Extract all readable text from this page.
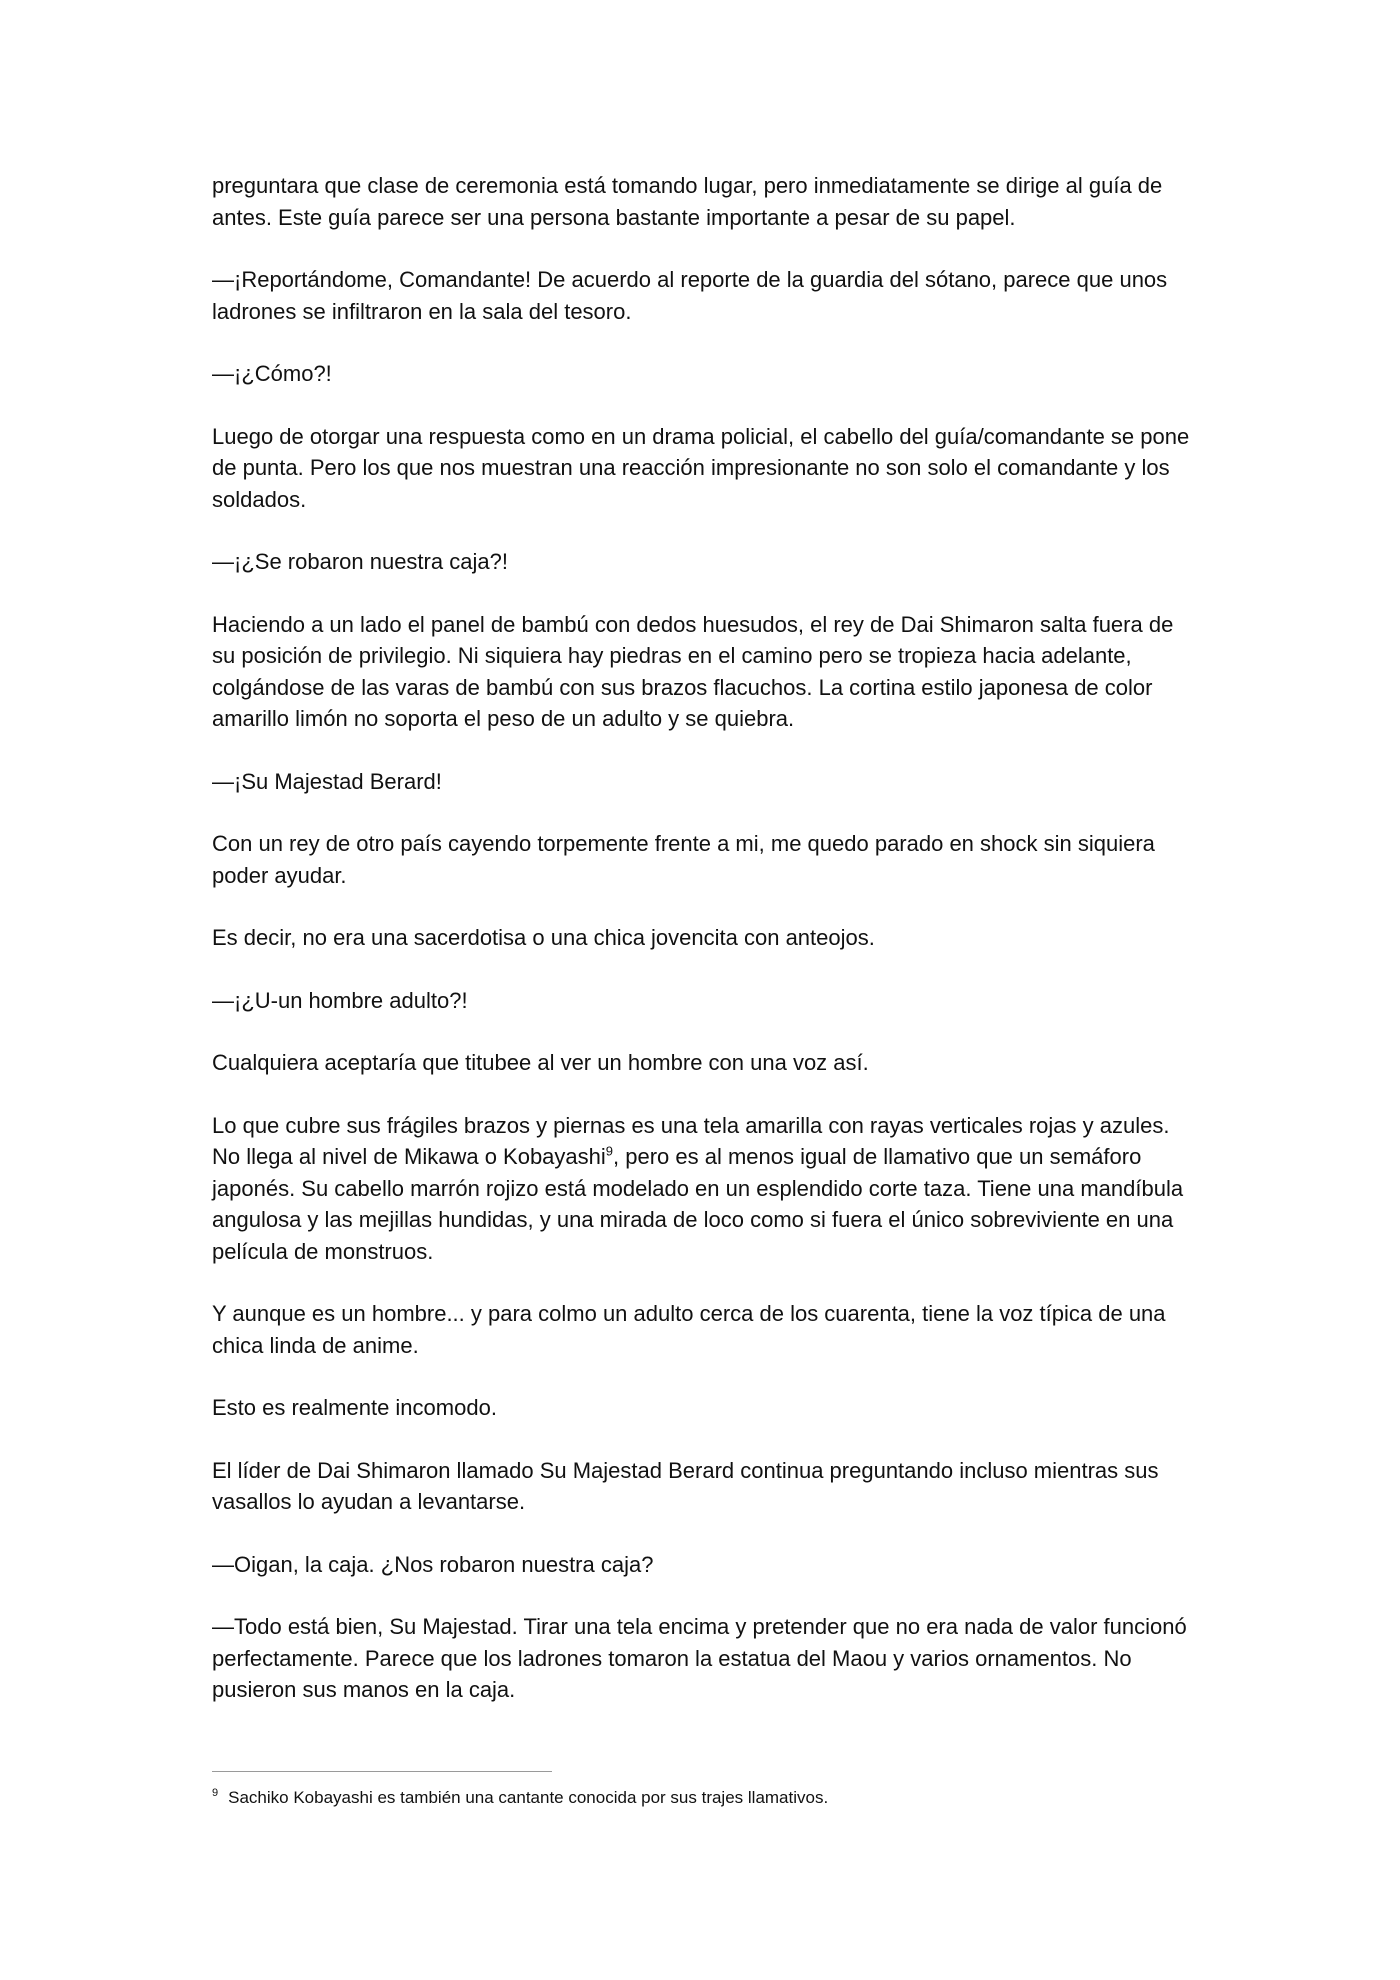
preguntara que clase de ceremonia está tomando lugar, pero inmediatamente se dirige al guía de antes. Este guía parece ser una persona bastante importante a pesar de su papel.

—¡Reportándome, Comandante! De acuerdo al reporte de la guardia del sótano, parece que unos ladrones se infiltraron en la sala del tesoro.

—¡¿Cómo?!

Luego de otorgar una respuesta como en un drama policial, el cabello del guía/comandante se pone de punta. Pero los que nos muestran una reacción impresionante no son solo el comandante y los soldados.

—¡¿Se robaron nuestra caja?!

Haciendo a un lado el panel de bambú con dedos huesudos, el rey de Dai Shimaron salta fuera de su posición de privilegio. Ni siquiera hay piedras en el camino pero se tropieza hacia adelante, colgándose de las varas de bambú con sus brazos flacuchos. La cortina estilo japonesa de color amarillo limón no soporta el peso de un adulto y se quiebra.

—¡Su Majestad Berard!

Con un rey de otro país cayendo torpemente frente a mi, me quedo parado en shock sin siquiera poder ayudar.

Es decir, no era una sacerdotisa o una chica jovencita con anteojos.

—¡¿U-un hombre adulto?!

Cualquiera aceptaría que titubee al ver un hombre con una voz así.

Lo que cubre sus frágiles brazos y piernas es una tela amarilla con rayas verticales rojas y azules. No llega al nivel de Mikawa o Kobayashi$^9$, pero es al menos igual de llamativo que un semáforo japonés. Su cabello marrón rojizo está modelado en un esplendido corte taza. Tiene una mandíbula angulosa y las mejillas hundidas, y una mirada de loco como si fuera el único sobreviviente en una película de monstruos.

Y aunque es un hombre... y para colmo un adulto cerca de los cuarenta, tiene la voz típica de una chica linda de anime.

Esto es realmente incomodo.

El líder de Dai Shimaron llamado Su Majestad Berard continua preguntando incluso mientras sus vasallos lo ayudan a levantarse.

—Oigan, la caja. ¿Nos robaron nuestra caja?

—Todo está bien, Su Majestad. Tirar una tela encima y pretender que no era nada de valor funcionó perfectamente. Parece que los ladrones tomaron la estatua del Maou y varios ornamentos. No pusieron sus manos en la caja.

$^9$ Sachiko Kobayashi es también una cantante conocida por sus trajes llamativos.
